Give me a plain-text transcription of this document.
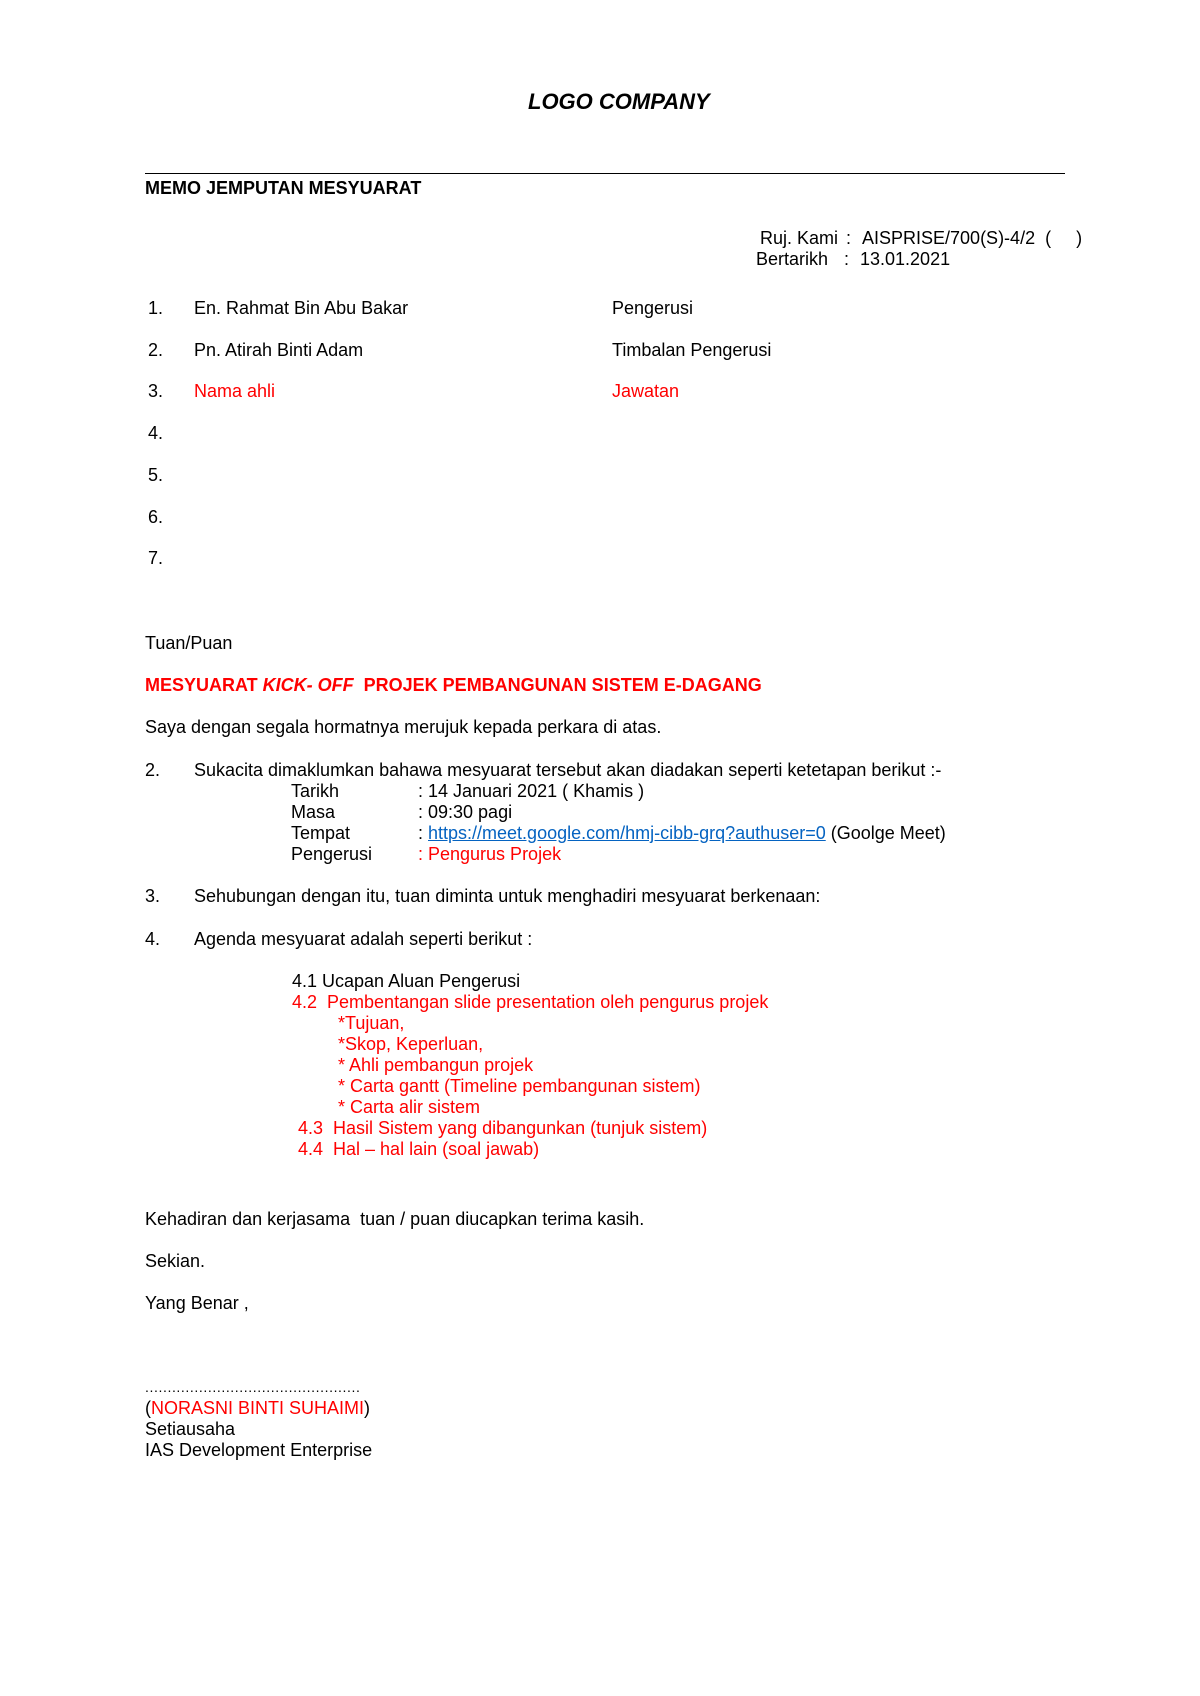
LOGO COMPANY
MEMO JEMPUTAN MESYUARAT
Ruj. Kami : AISPRISE/700(S)-4/2  (     )
Bertarikh : 13.01.2021
1. En. Rahmat Bin Abu Bakar	Pengerusi
2. Pn. Atirah Binti Adam	Timbalan Pengerusi
3. Nama ahli	Jawatan
4.
5.
6.
7.
Tuan/Puan
MESYUARAT KICK- OFF  PROJEK PEMBANGUNAN SISTEM E-DAGANG
Saya dengan segala hormatnya merujuk kepada perkara di atas.
2. Sukacita dimaklumkan bahawa mesyuarat tersebut akan diadakan seperti ketetapan berikut :-
Tarikh	: 14 Januari 2021 ( Khamis )
Masa	: 09:30 pagi
Tempat	: https://meet.google.com/hmj-cibb-grq?authuser=0 (Goolge Meet)
Pengerusi	: Pengurus Projek
3. Sehubungan dengan itu, tuan diminta untuk menghadiri mesyuarat berkenaan:
4. Agenda mesyuarat adalah seperti berikut :
4.1 Ucapan Aluan Pengerusi
4.2  Pembentangan slide presentation oleh pengurus projek
*Tujuan,
*Skop, Keperluan,
* Ahli pembangun projek
* Carta gantt (Timeline pembangunan sistem)
* Carta alir sistem
4.3  Hasil Sistem yang dibangunkan (tunjuk sistem)
4.4  Hal – hal lain (soal jawab)
Kehadiran dan kerjasama  tuan / puan diucapkan terima kasih.
Sekian.
Yang Benar ,
................................................
(NORASNI BINTI SUHAIMI)
Setiausaha
IAS Development Enterprise
